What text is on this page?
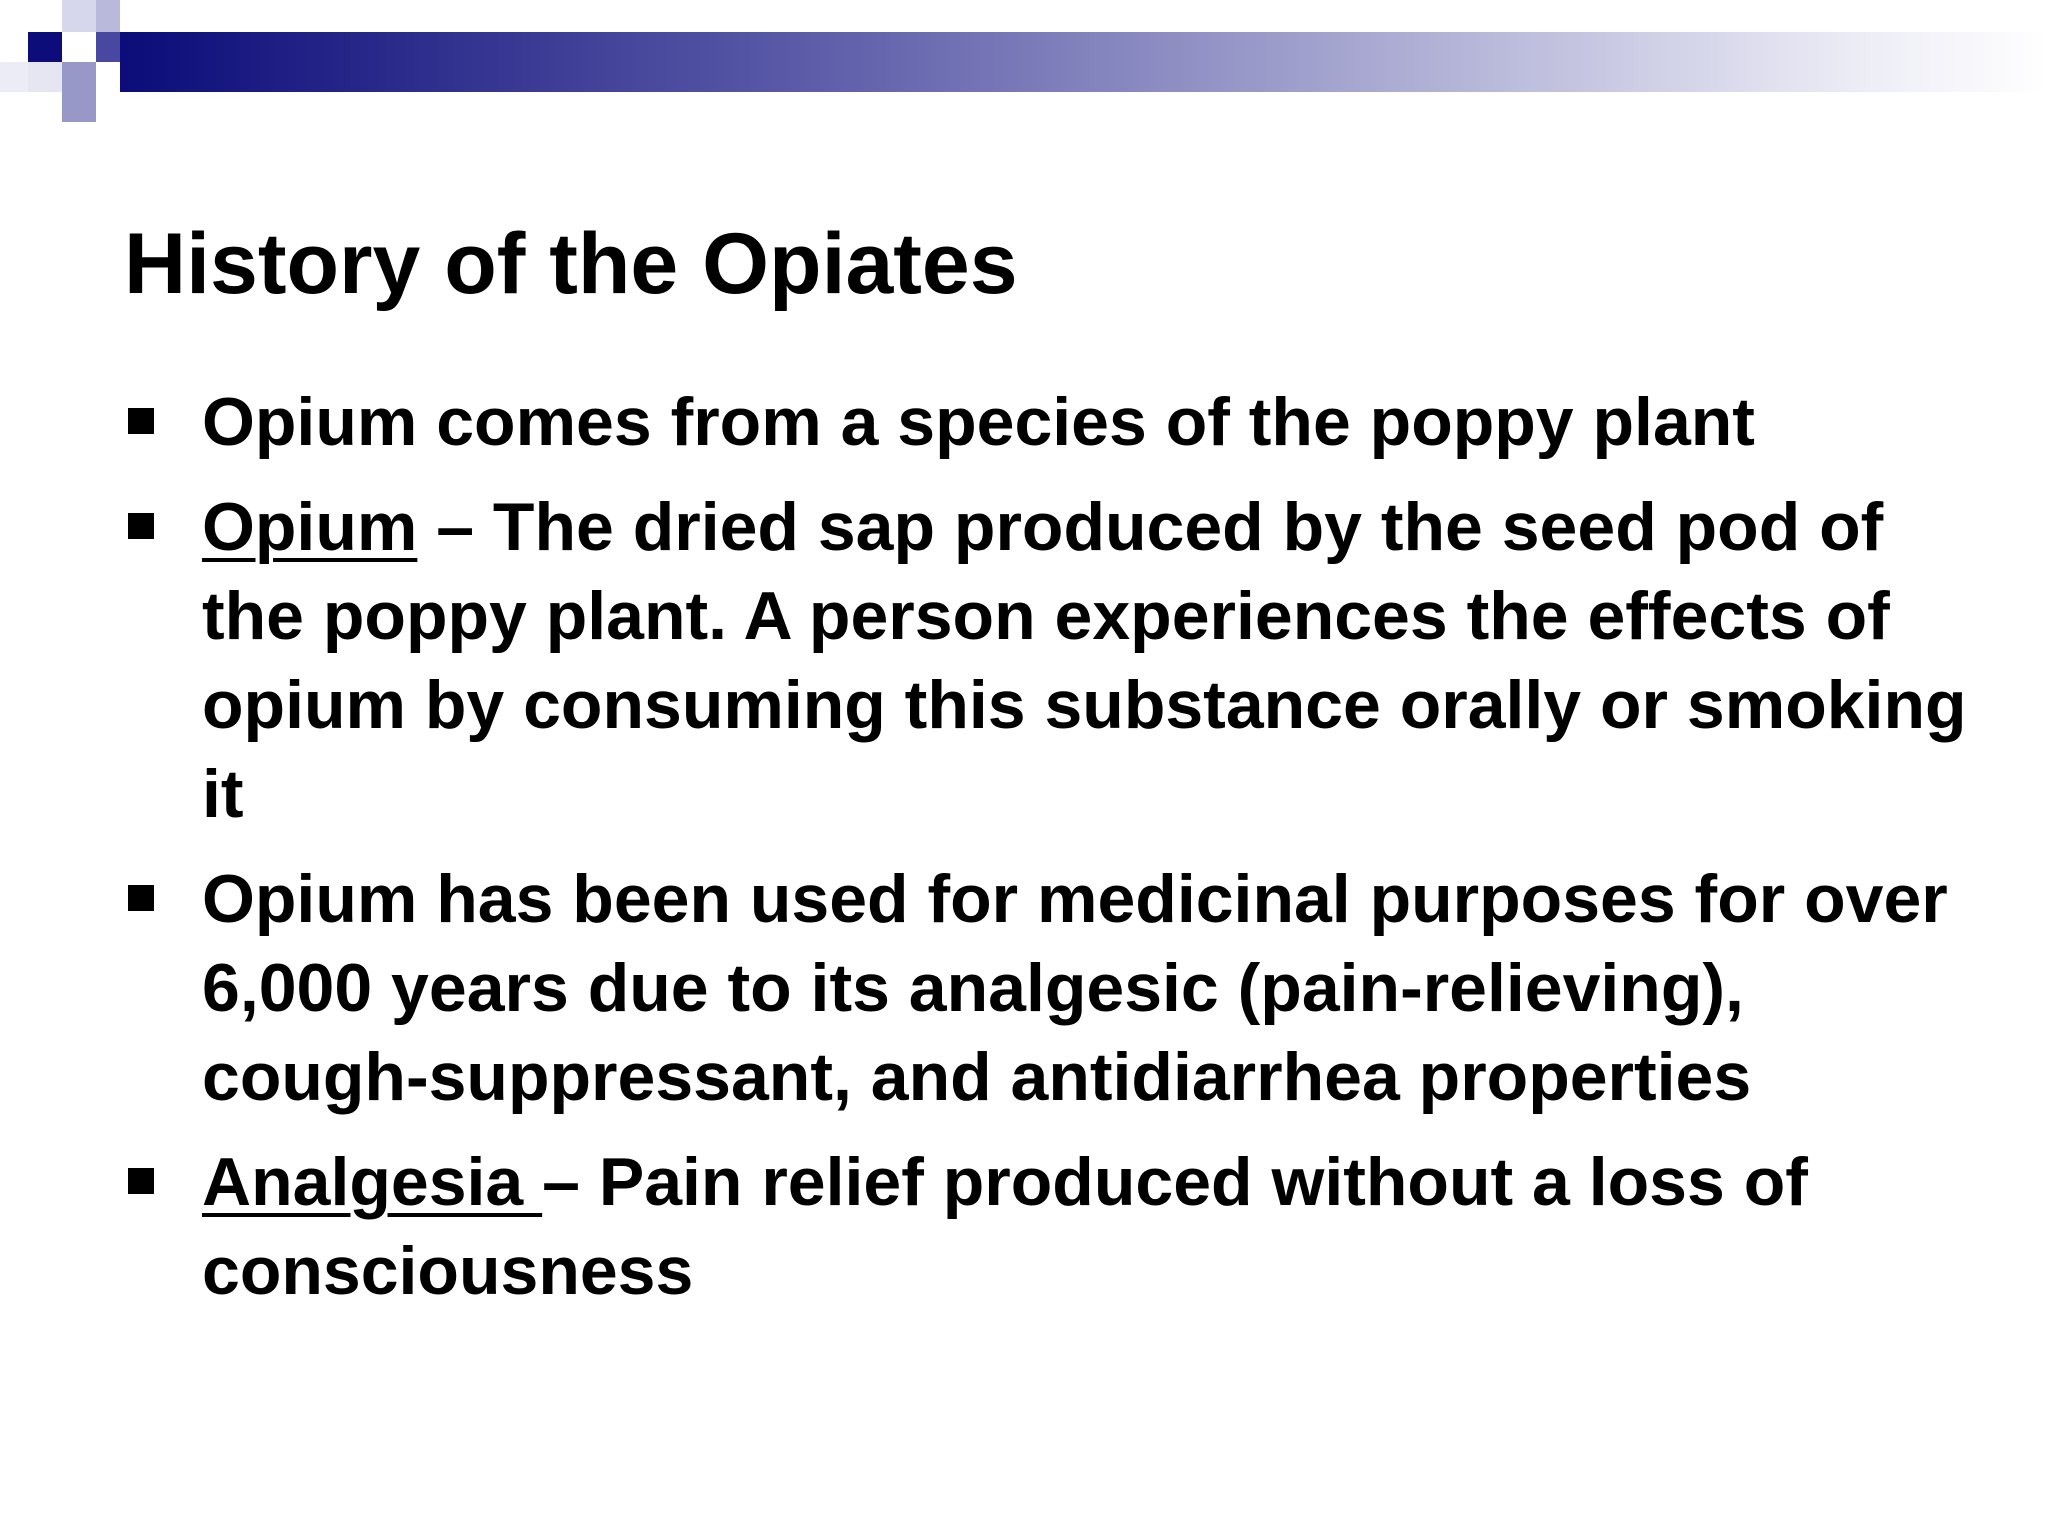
History of the Opiates
Opium comes from a species of the poppy plant
Opium – The dried sap produced by the seed pod of the poppy plant. A person experiences the effects of opium by consuming this substance orally or smoking it
Opium has been used for medicinal purposes for over 6,000 years due to its analgesic (pain-relieving), cough-suppressant, and antidiarrhea properties
Analgesia – Pain relief produced without a loss of consciousness
